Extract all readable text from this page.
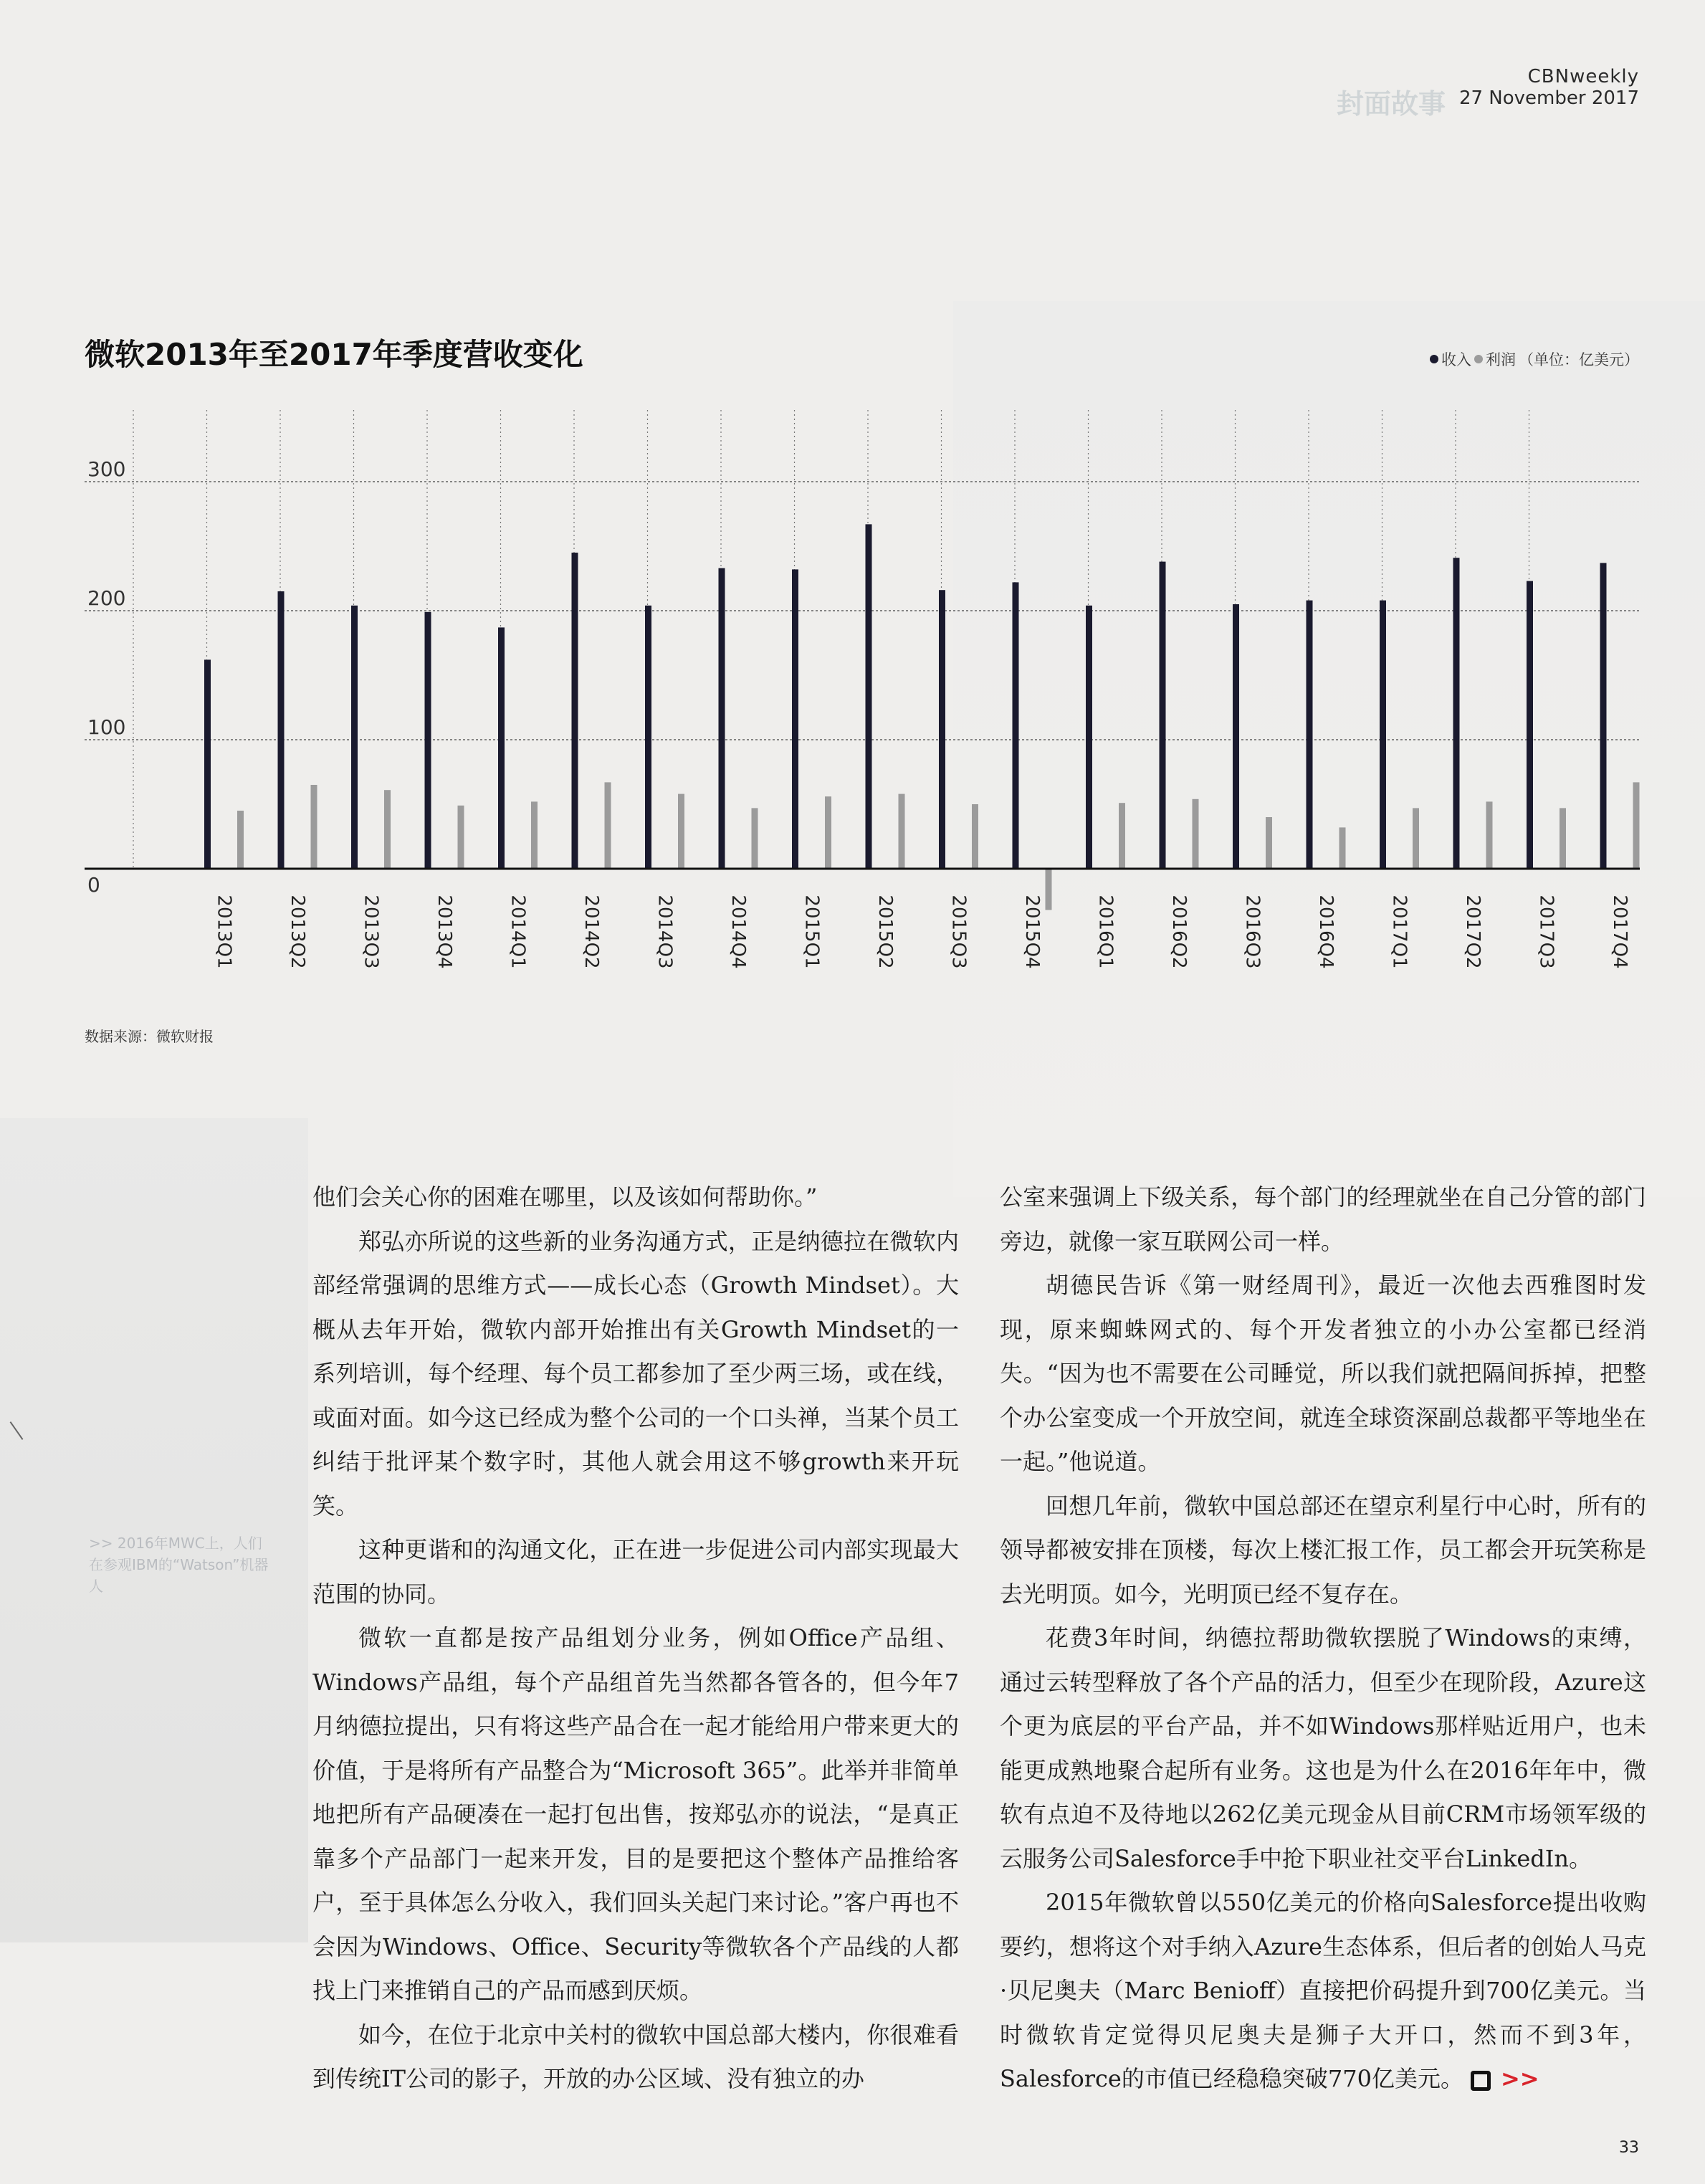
封面故事
CBNweekly
27 November 2017
微软2013年至2017年季度营收变化	收入 利润 （单位：亿美元）
0
100
200
300
2013Q1	2013Q2	2013Q3	2013Q4	2014Q1	2014Q2	2014Q3	2014Q4	2015Q1	2015Q2	2015Q3	2015Q4	2016Q1	2016Q2	2016Q3	2016Q4	2017Q1	2017Q2	2017Q3	2017Q4
数据来源：微软财报

他们会关心你的困难在哪里，以及该如何帮助你。”

郑弘亦所说的这些新的业务沟通方式，正是纳德拉在微软内部经常强调的思维方式——成长心态（Growth Mindset）。大概从去年开始，微软内部开始推出有关Growth Mindset的一系列培训，每个经理、每个员工都参加了至少两三场，或在线，或面对面。如今这已经成为整个公司的一个口头禅，当某个员工纠结于批评某个数字时，其他人就会用这不够growth来开玩笑。

这种更谐和的沟通文化，正在进一步促进公司内部实现最大范围的协同。

微软一直都是按产品组划分业务，例如Office产品组、Windows产品组，每个产品组首先当然都各管各的，但今年7月纳德拉提出，只有将这些产品合在一起才能给用户带来更大的价值，于是将所有产品整合为“Microsoft 365”。此举并非简单地把所有产品硬凑在一起打包出售，按郑弘亦的说法，“是真正靠多个产品部门一起来开发，目的是要把这个整体产品推给客户，至于具体怎么分收入，我们回头关起门来讨论。”客户再也不会因为Windows、Office、Security等微软各个产品线的人都找上门来推销自己的产品而感到厌烦。

如今，在位于北京中关村的微软中国总部大楼内，你很难看到传统IT公司的影子，开放的办公区域、没有独立的办

公室来强调上下级关系，每个部门的经理就坐在自己分管的部门旁边，就像一家互联网公司一样。

胡德民告诉《第一财经周刊》，最近一次他去西雅图时发现，原来蜘蛛网式的、每个开发者独立的小办公室都已经消失。“因为也不需要在公司睡觉，所以我们就把隔间拆掉，把整个办公室变成一个开放空间，就连全球资深副总裁都平等地坐在一起。”他说道。

回想几年前，微软中国总部还在望京利星行中心时，所有的领导都被安排在顶楼，每次上楼汇报工作，员工都会开玩笑称是去光明顶。如今，光明顶已经不复存在。

花费3年时间，纳德拉帮助微软摆脱了Windows的束缚，通过云转型释放了各个产品的活力，但至少在现阶段，Azure这个更为底层的平台产品，并不如Windows那样贴近用户，也未能更成熟地聚合起所有业务。这也是为什么在2016年年中，微软有点迫不及待地以262亿美元现金从目前CRM市场领军级的云服务公司Salesforce手中抢下职业社交平台LinkedIn。

2015年微软曾以550亿美元的价格向Salesforce提出收购要约，想将这个对手纳入Azure生态体系，但后者的创始人马克·贝尼奥夫（Marc Benioff）直接把价码提升到700亿美元。当时微软肯定觉得贝尼奥夫是狮子大开口，然而不到3年，Salesforce的市值已经稳稳突破770亿美元。 >>

>> 2016年MWC上，人们在参观IBM的“Watson”机器人
33
